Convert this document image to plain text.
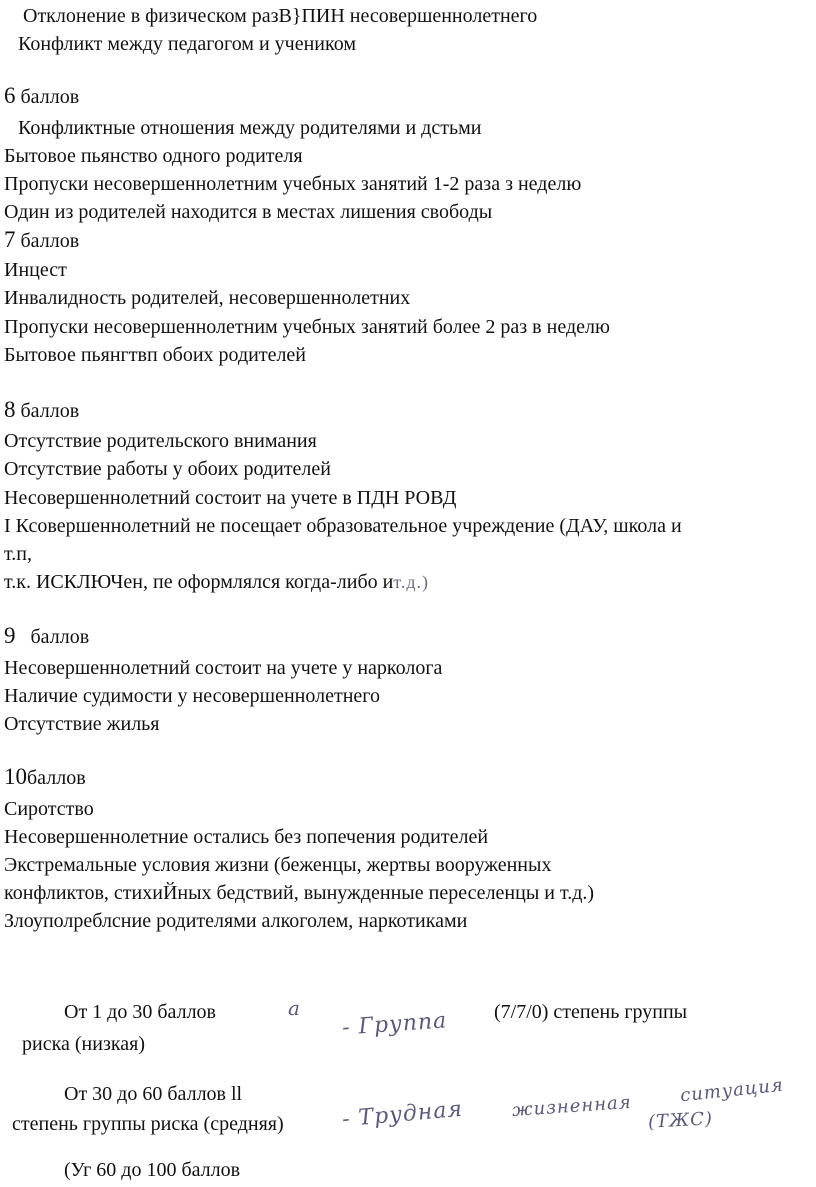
Отклонение в физическом разВ}ПИН несовершеннолетнего
Конфликт между педагогом и учеником
6 баллов
Конфликтные отношения между родителями и дстьми
Бытовое пьянство одного родителя
Пропуски несовершеннолетним учебных занятий 1-2 раза з неделю
Один из родителей находится в местах лишения свободы
7 баллов
Инцест
Инвалидность родителей, несовершеннолетних
Пропуски несовершеннолетним учебных занятий более 2 раз в неделю
Бытовое пьянгтвп обоих родителей
8 баллов
Отсутствие родительского внимания
Отсутствие работы у обоих родителей
Несовершеннолетний состоит на учете в ПДН РОВД
I Ксовершеннолетний не посещает образовательное учреждение (ДАУ, школа и
т.п,
т.к. ИСКЛЮЧен, пе оформлялся когда-либо ит.д.)
9 баллов
Несовершеннолетний состоит на учете у нарколога
Наличие судимости у несовершеннолетнего
Отсутствие жилья
10баллов
Сиротство
Несовершеннолетние остались без попечения родителей
Экстремальные условия жизни (беженцы, жертвы вооруженных
конфликтов, стихиЙных бедствий, вынужденные переселенцы и т.д.)
Злоуполреблсние родителями алкоголем, наркотиками
От 1 до 30 баллов	а
- Группа (7/7/0) степень группы
риска (низкая)
От 30 до 60 баллов ll
степень группы риска (средняя)	- Трудная	жизненная
ситуация
(ТЖС)
(Уг 60 до 100 баллов
